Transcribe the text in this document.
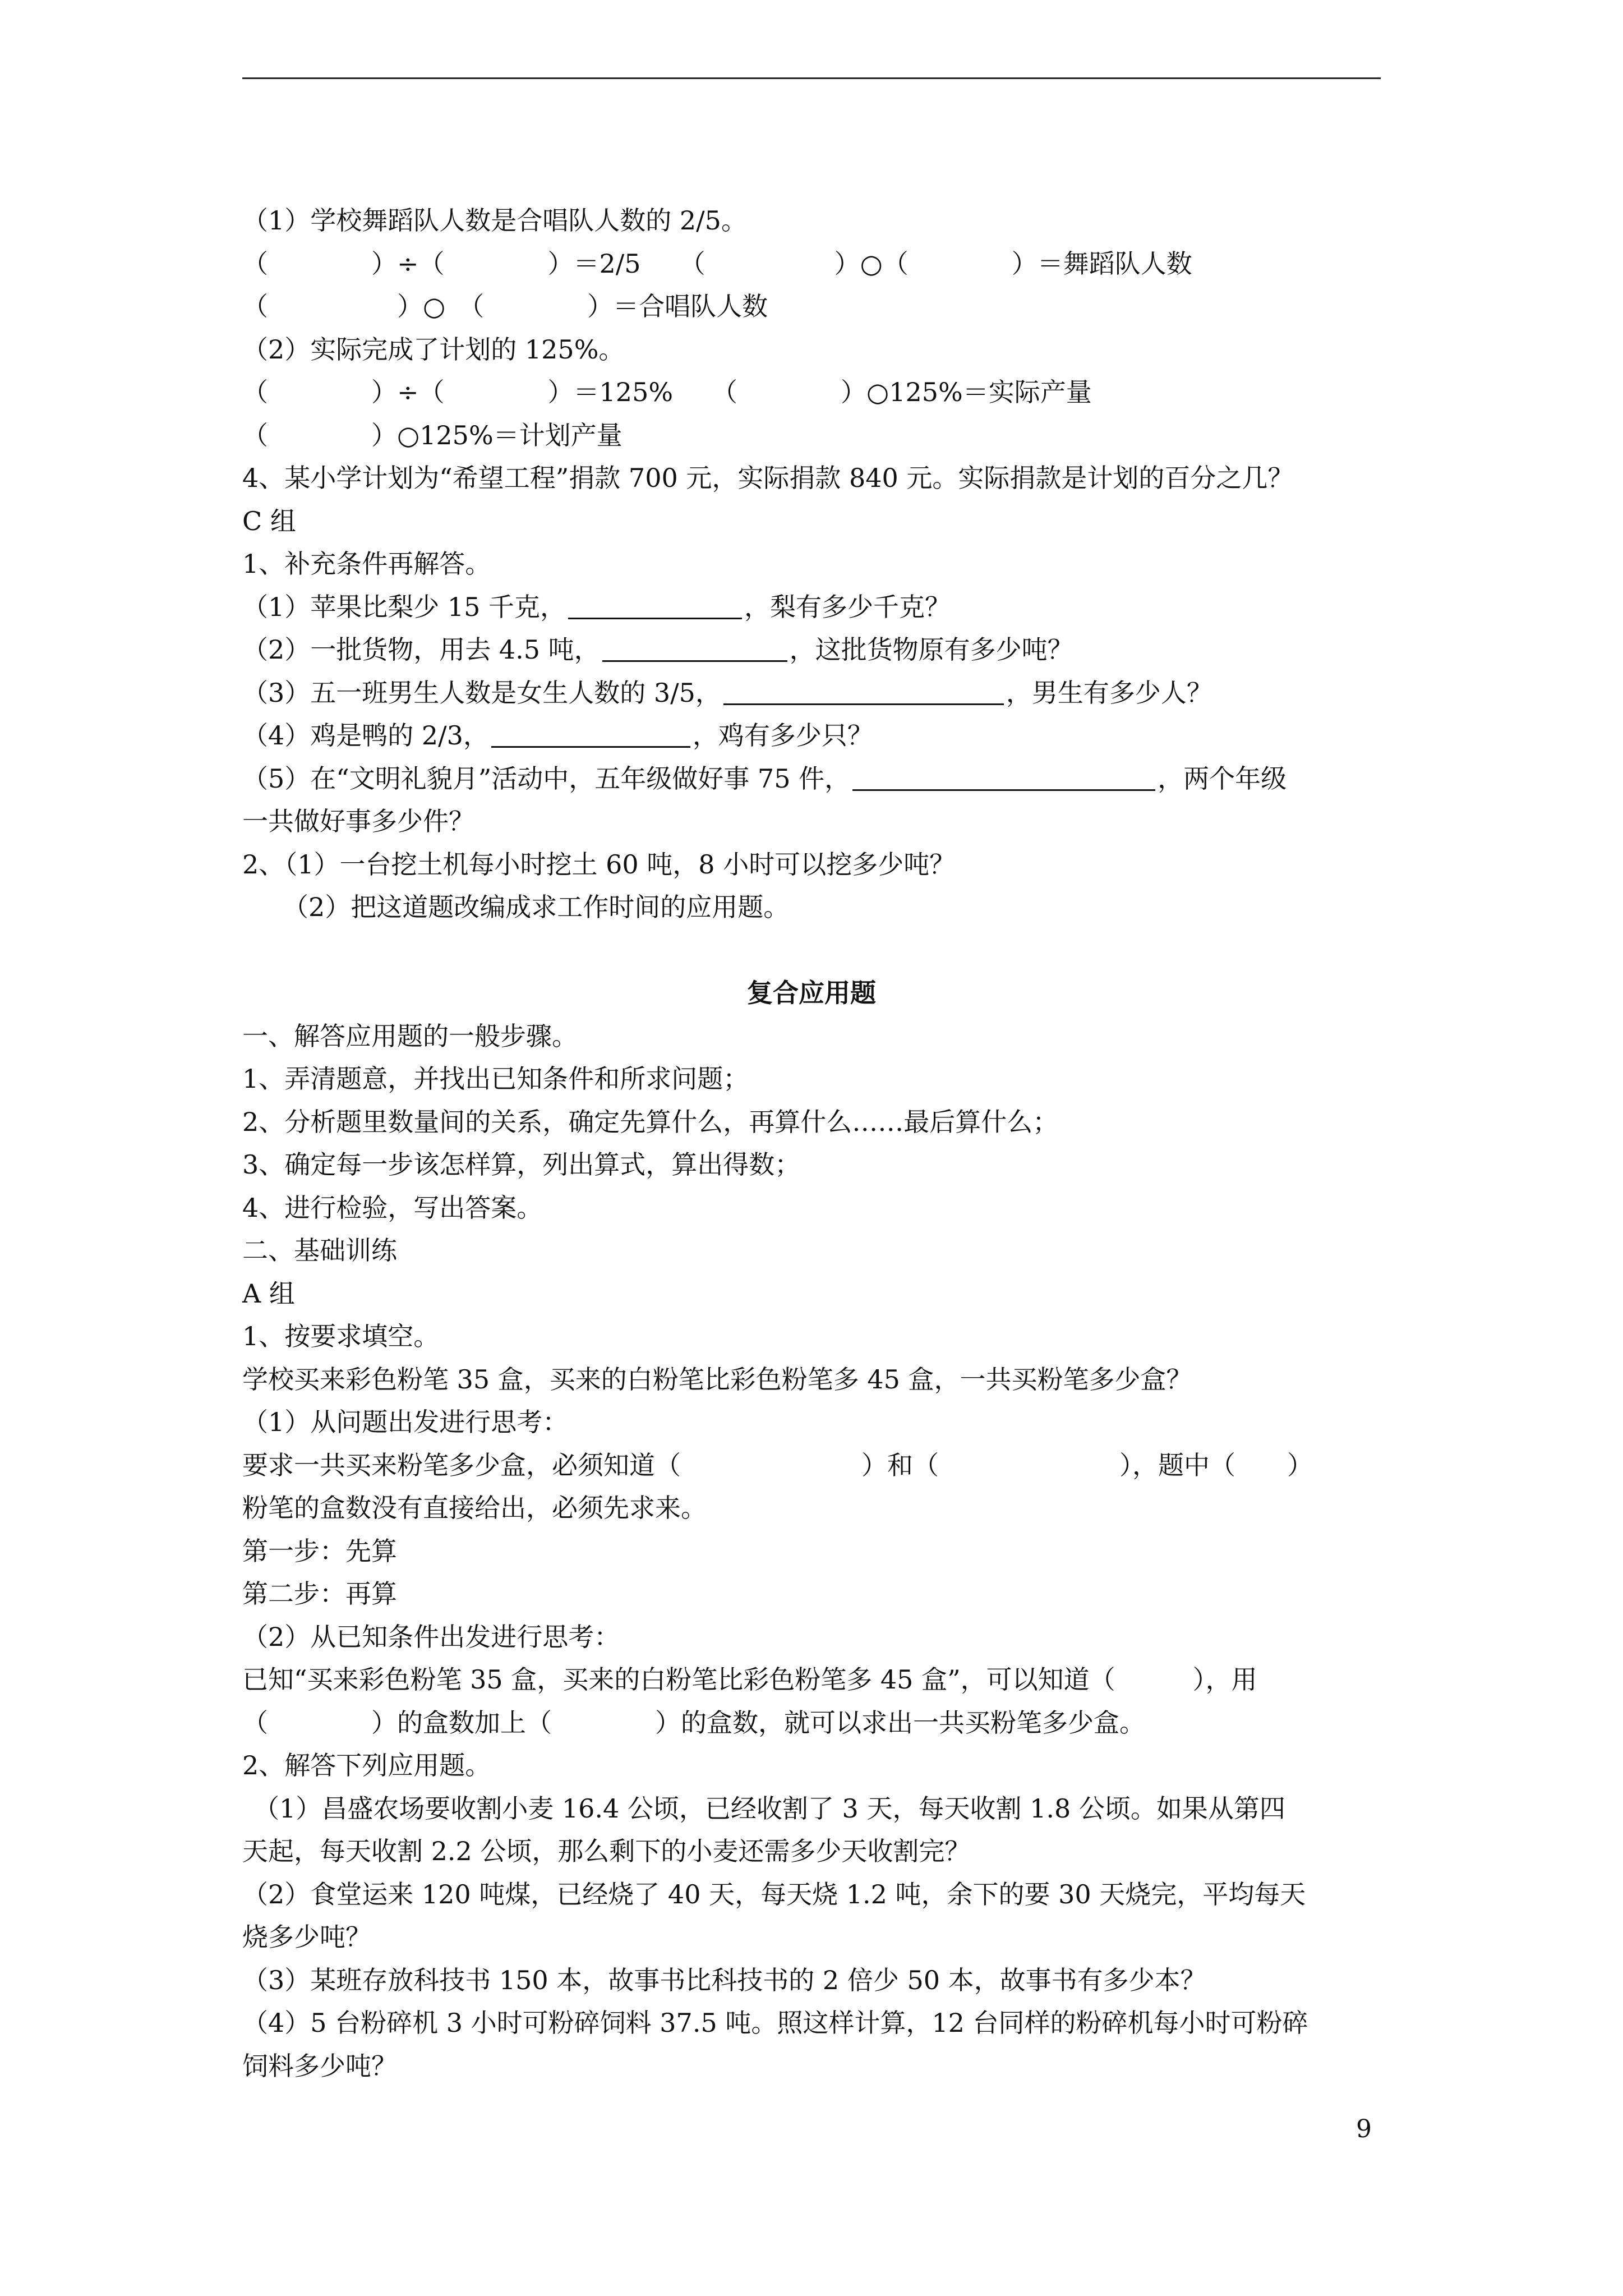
（1）学校舞蹈队人数是合唱队人数的 2/5。
（　　　　）÷（　　　　）＝2/5　　（　　　　　）○（　　　　）＝舞蹈队人数
（　　　　　）○　（　　　　）＝合唱队人数
（2）实际完成了计划的 125%。
（　　　　）÷（　　　　）＝125%　　（　　　　）○125%＝实际产量
（　　　　）○125%＝计划产量
4、某小学计划为“希望工程”捐款 700 元，实际捐款 840 元。实际捐款是计划的百分之几？
C 组
1、补充条件再解答。
（1）苹果比梨少 15 千克，	，梨有多少千克？
（2）一批货物，用去 4.5 吨，	，这批货物原有多少吨？
（3）五一班男生人数是女生人数的 3/5，	，男生有多少人？
（4）鸡是鸭的 2/3，	，鸡有多少只？
（5）在“文明礼貌月”活动中，五年级做好事 75 件，	，两个年级
一共做好事多少件？
2、（1）一台挖土机每小时挖土 60 吨，8 小时可以挖多少吨？
（2）把这道题改编成求工作时间的应用题。
复合应用题
一、解答应用题的一般步骤。
1、弄清题意，并找出已知条件和所求问题；
2、分析题里数量间的关系，确定先算什么，再算什么……最后算什么；
3、确定每一步该怎样算，列出算式，算出得数；
4、进行检验，写出答案。
二、基础训练
A 组
1、按要求填空。
学校买来彩色粉笔 35 盒，买来的白粉笔比彩色粉笔多 45 盒，一共买粉笔多少盒？
（1）从问题出发进行思考：
要求一共买来粉笔多少盒，必须知道（　　　　　　　）和（　　　　　　　），题中（　　）
粉笔的盒数没有直接给出，必须先求来。
第一步：先算
第二步：再算
（2）从已知条件出发进行思考：
已知“买来彩色粉笔 35 盒，买来的白粉笔比彩色粉笔多 45 盒”，可以知道（　　　），用
（　　　　）的盒数加上（　　　　）的盒数，就可以求出一共买粉笔多少盒。
2、解答下列应用题。
（1）昌盛农场要收割小麦 16.4 公顷，已经收割了 3 天，每天收割 1.8 公顷。如果从第四
天起，每天收割 2.2 公顷，那么剩下的小麦还需多少天收割完？
（2）食堂运来 120 吨煤，已经烧了 40 天，每天烧 1.2 吨，余下的要 30 天烧完，平均每天
烧多少吨？
（3）某班存放科技书 150 本，故事书比科技书的 2 倍少 50 本，故事书有多少本？
（4）5 台粉碎机 3 小时可粉碎饲料 37.5 吨。照这样计算，12 台同样的粉碎机每小时可粉碎
饲料多少吨？
9
